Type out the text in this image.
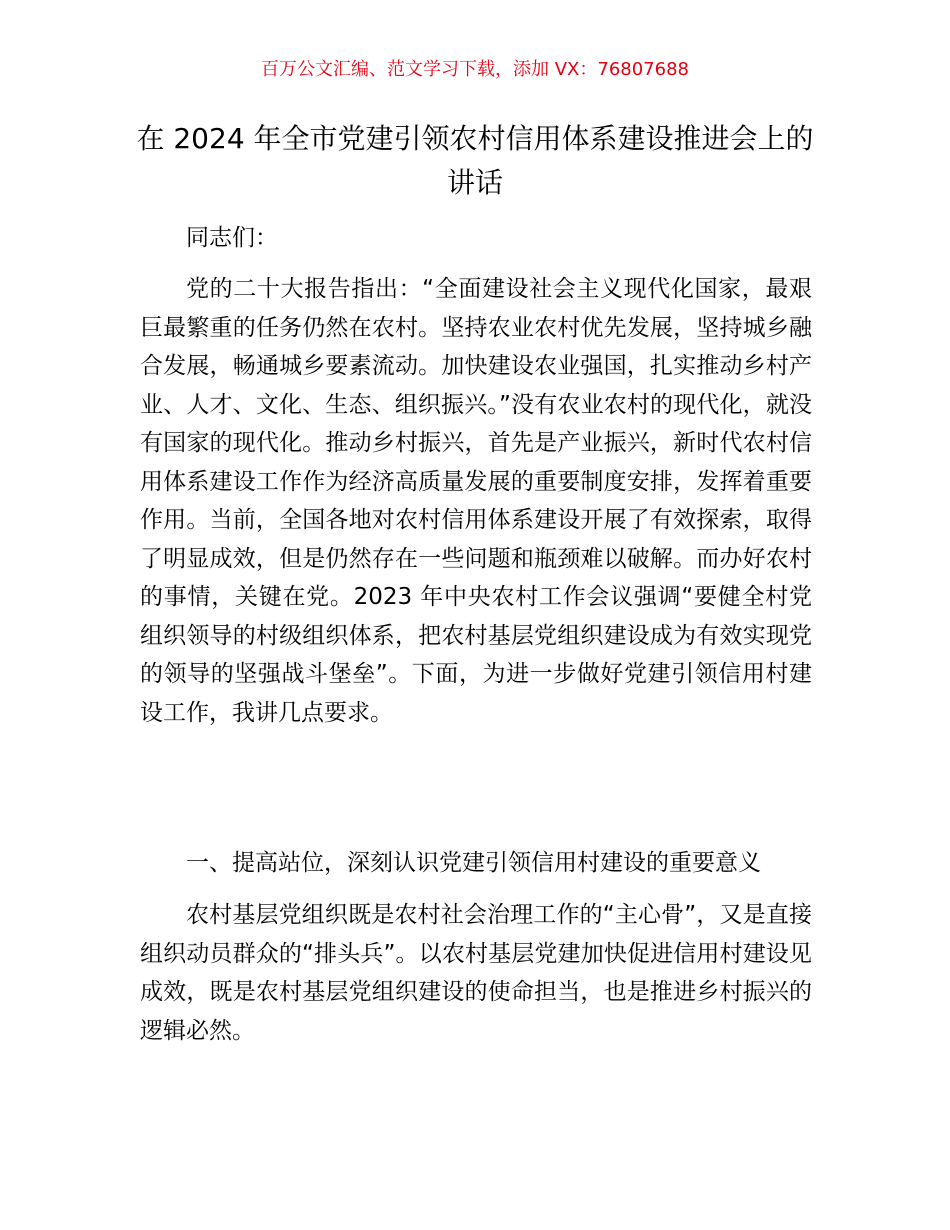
百万公文汇编、范文学习下载，添加 VX：76807688
在 2024 年全市党建引领农村信用体系建设推进会上的讲话

同志们：

党的二十大报告指出：“全面建设社会主义现代化国家，最艰巨最繁重的任务仍然在农村。坚持农业农村优先发展，坚持城乡融合发展，畅通城乡要素流动。加快建设农业强国，扎实推动乡村产业、人才、文化、生态、组织振兴。”没有农业农村的现代化，就没有国家的现代化。推动乡村振兴，首先是产业振兴，新时代农村信用体系建设工作作为经济高质量发展的重要制度安排，发挥着重要作用。当前，全国各地对农村信用体系建设开展了有效探索，取得了明显成效，但是仍然存在一些问题和瓶颈难以破解。而办好农村的事情，关键在党。2023 年中央农村工作会议强调“要健全村党组织领导的村级组织体系，把农村基层党组织建设成为有效实现党的领导的坚强战斗堡垒”。下面，为进一步做好党建引领信用村建设工作，我讲几点要求。

一、提高站位，深刻认识党建引领信用村建设的重要意义

农村基层党组织既是农村社会治理工作的“主心骨”，又是直接组织动员群众的“排头兵”。以农村基层党建加快促进信用村建设见成效，既是农村基层党组织建设的使命担当，也是推进乡村振兴的逻辑必然。
